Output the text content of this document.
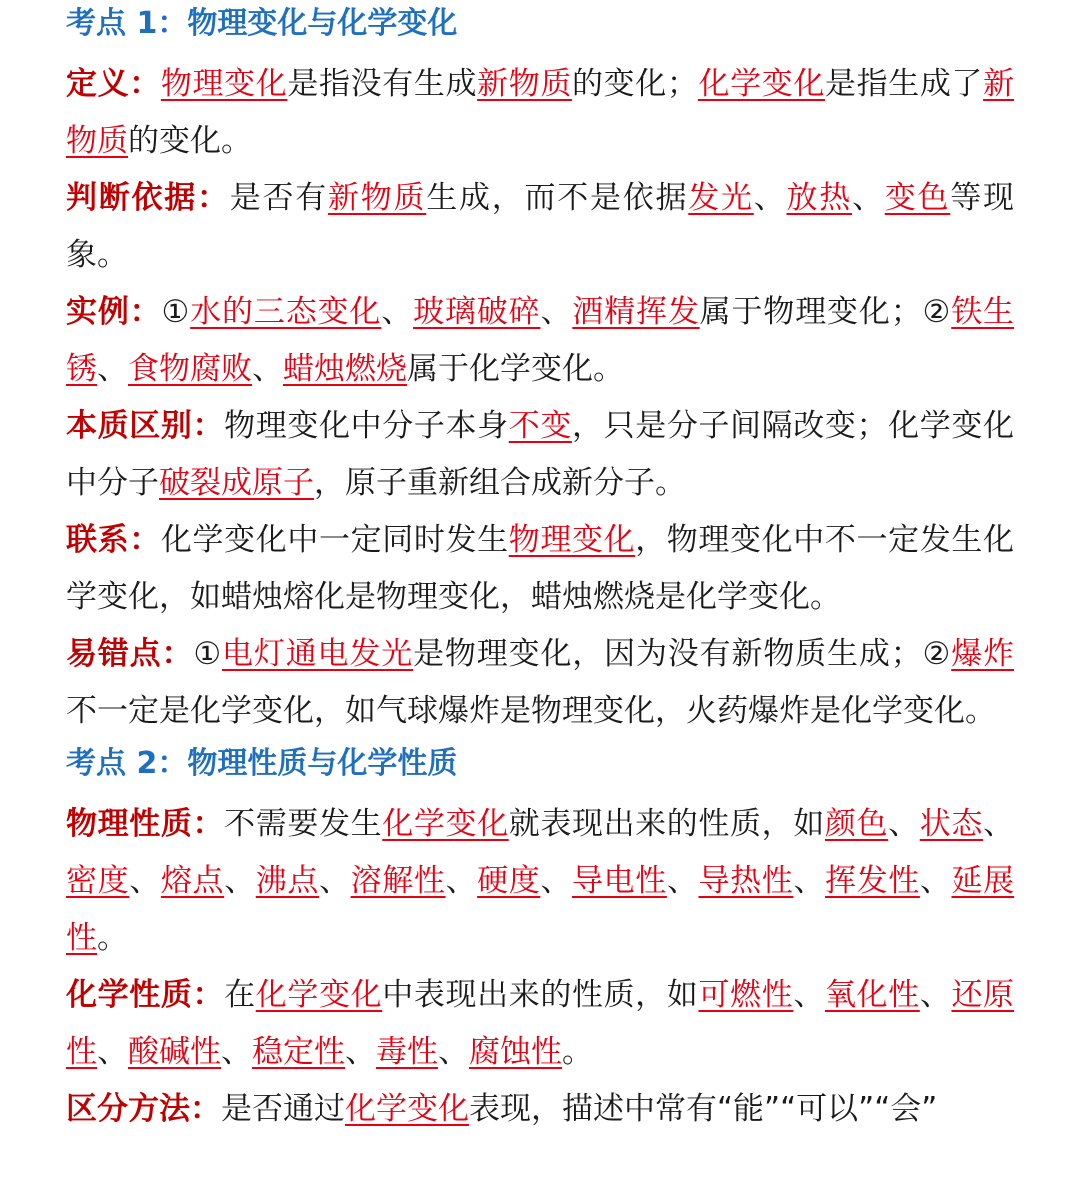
考点 1：物理变化与化学变化

定义：物理变化是指没有生成新物质的变化；化学变化是指生成了新物质的变化。

判断依据：是否有新物质生成，而不是依据发光、放热、变色等现象。

实例：①水的三态变化、玻璃破碎、酒精挥发属于物理变化；②铁生锈、食物腐败、蜡烛燃烧属于化学变化。

本质区别：物理变化中分子本身不变，只是分子间隔改变；化学变化中分子破裂成原子，原子重新组合成新分子。

联系：化学变化中一定同时发生物理变化，物理变化中不一定发生化学变化，如蜡烛熔化是物理变化，蜡烛燃烧是化学变化。

易错点：①电灯通电发光是物理变化，因为没有新物质生成；②爆炸不一定是化学变化，如气球爆炸是物理变化，火药爆炸是化学变化。

考点 2：物理性质与化学性质

物理性质：不需要发生化学变化就表现出来的性质，如颜色、状态、密度、熔点、沸点、溶解性、硬度、导电性、导热性、挥发性、延展性。

化学性质：在化学变化中表现出来的性质，如可燃性、氧化性、还原性、酸碱性、稳定性、毒性、腐蚀性。

区分方法：是否通过化学变化表现，描述中常有“能”“可以”“会”
